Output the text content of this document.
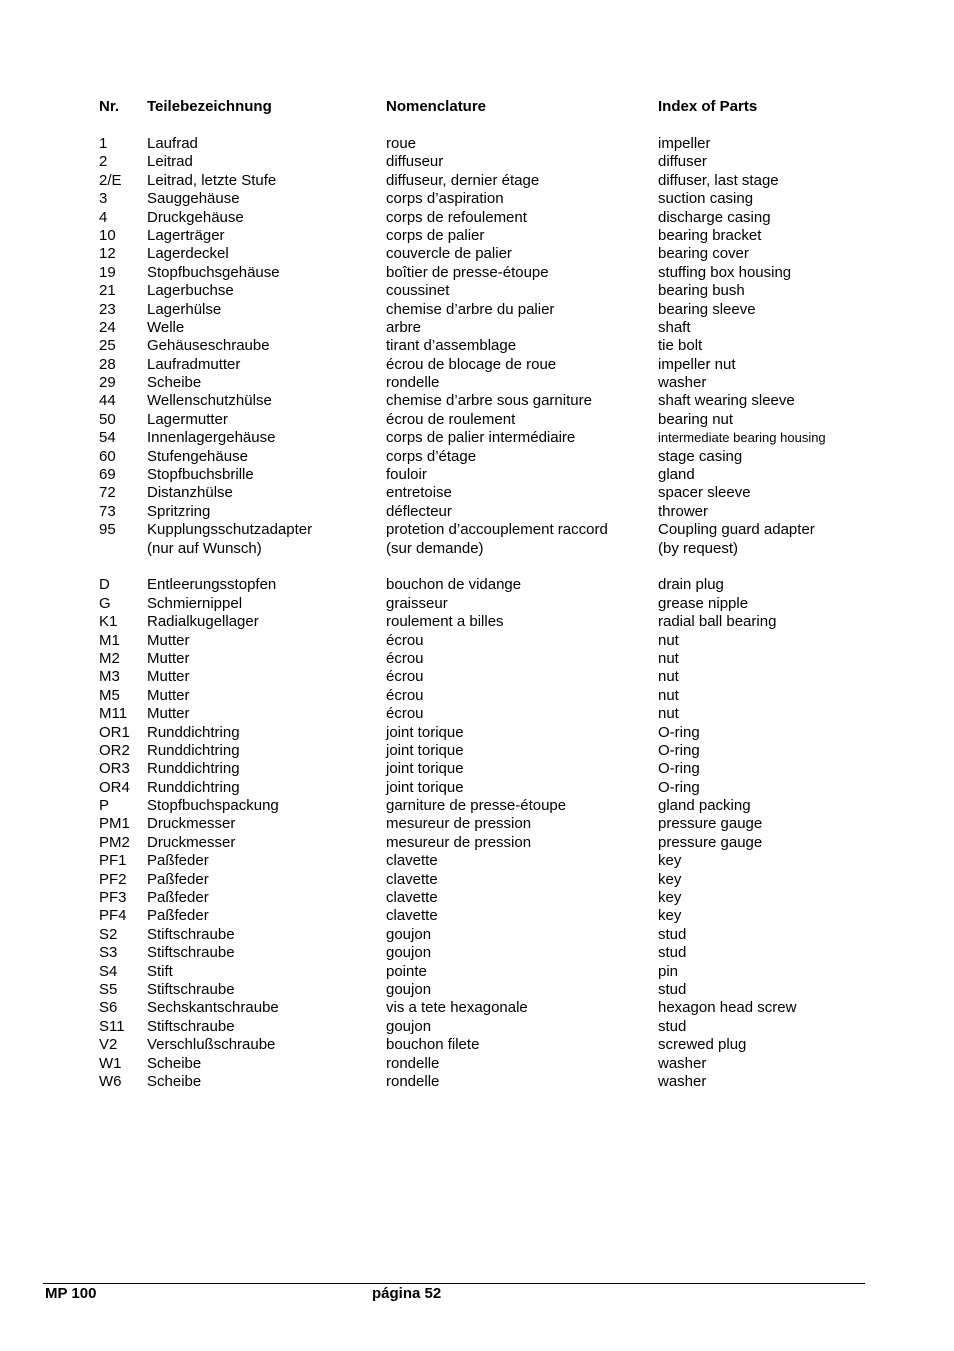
Nr. Teilebezeichnung	Nomenclature	Index of Parts
1	Laufrad	roue	impeller
2	Leitrad	diffuseur	diffuser
2/E Leitrad, letzte Stufe	diffuseur, dernier étage	diffuser, last stage
3	Sauggehäuse	corps d’aspiration	suction casing
4	Druckgehäuse	corps de refoulement	discharge casing
10 Lagerträger	corps de palier	bearing bracket
12 Lagerdeckel	couvercle de palier	bearing cover
19 Stopfbuchsgehäuse	boîtier de presse-étoupe	stuffing box housing
21 Lagerbuchse	coussinet	bearing bush
23 Lagerhülse	chemise d’arbre du palier	bearing sleeve
24 Welle	arbre	shaft
25 Gehäuseschraube	tirant d’assemblage	tie bolt
28 Laufradmutter	écrou de blocage de roue	impeller nut
29 Scheibe	rondelle	washer
44 Wellenschutzhülse	chemise d’arbre sous garniture	shaft wearing sleeve
50 Lagermutter	écrou de roulement	bearing nut
54 Innenlagergehäuse	corps de palier intermédiaire	intermediate bearing housing
60 Stufengehäuse	corps d’étage	stage casing
69 Stopfbuchsbrille	fouloir	gland
72 Distanzhülse	entretoise	spacer sleeve
73 Spritzring	déflecteur	thrower
95 Kupplungsschutzadapter	protetion d’accouplement raccord	Coupling guard adapter
(nur auf Wunsch)	(sur demande)	(by request)
D Entleerungsstopfen	bouchon de vidange	drain plug
G Schmiernippel	graisseur	grease nipple
K1 Radialkugellager	roulement a billes	radial ball bearing
M1 Mutter	écrou	nut
M2 Mutter	écrou	nut
M3 Mutter	écrou	nut
M5 Mutter	écrou	nut
M11 Mutter	écrou	nut
OR1 Runddichtring	joint torique	O-ring
OR2 Runddichtring	joint torique	O-ring
OR3 Runddichtring	joint torique	O-ring
OR4 Runddichtring	joint torique	O-ring
P	Stopfbuchspackung	garniture de presse-étoupe	gland packing
PM1 Druckmesser	mesureur de pression	pressure gauge
PM2 Druckmesser	mesureur de pression	pressure gauge
PF1 Paßfeder	clavette	key
PF2 Paßfeder	clavette	key
PF3 Paßfeder	clavette	key
PF4 Paßfeder	clavette	key
S2 Stiftschraube	goujon	stud
S3 Stiftschraube	goujon	stud
S4 Stift	pointe	pin
S5 Stiftschraube	goujon	stud
S6 Sechskantschraube	vis a tete hexagonale	hexagon head screw
S11 Stiftschraube	goujon	stud
V2 Verschlußschraube	bouchon filete	screwed plug
W1 Scheibe	rondelle	washer
W6 Scheibe	rondelle	washer
MP 100	página 52
